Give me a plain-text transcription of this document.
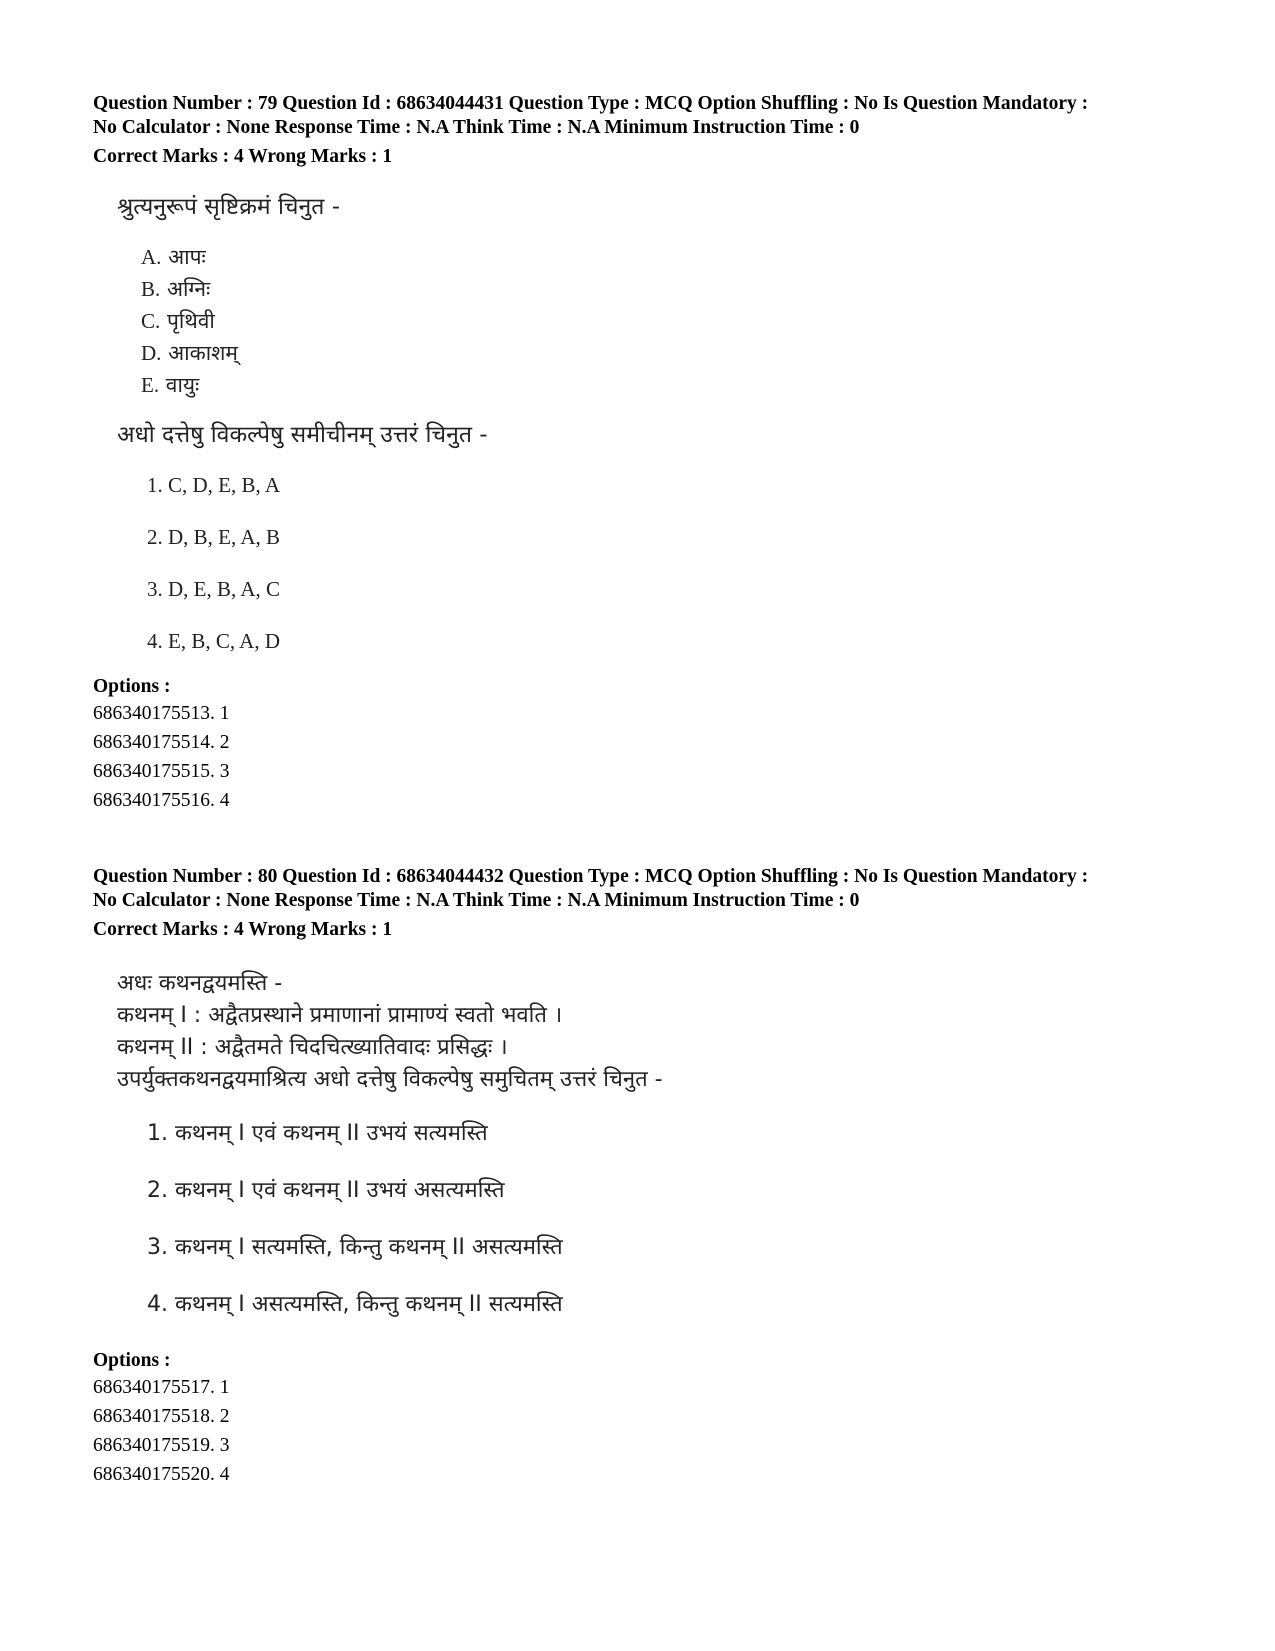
Question Number : 79 Question Id : 68634044431 Question Type : MCQ Option Shuffling : No Is Question Mandatory :
No Calculator : None Response Time : N.A Think Time : N.A Minimum Instruction Time : 0
Correct Marks : 4 Wrong Marks : 1
श्रुत्यनुरूपं सृष्टिक्रमं चिनुत -
A. आपः
B. अग्निः
C. पृथिवी
D. आकाशम्
E. वायुः
अधो दत्तेषु विकल्पेषु समीचीनम् उत्तरं चिनुत -
1. C, D, E, B, A
2. D, B, E, A, B
3. D, E, B, A, C
4. E, B, C, A, D
Options :
686340175513. 1
686340175514. 2
686340175515. 3
686340175516. 4
Question Number : 80 Question Id : 68634044432 Question Type : MCQ Option Shuffling : No Is Question Mandatory :
No Calculator : None Response Time : N.A Think Time : N.A Minimum Instruction Time : 0
Correct Marks : 4 Wrong Marks : 1
अधः कथनद्वयमस्ति -
कथनम् I : अद्वैतप्रस्थाने प्रमाणानां प्रामाण्यं स्वतो भवति ।
कथनम् II : अद्वैतमते चिदचित्ख्यातिवादः प्रसिद्धः ।
उपर्युक्तकथनद्वयमाश्रित्य अधो दत्तेषु विकल्पेषु समुचितम् उत्तरं चिनुत -
1. कथनम् I एवं कथनम् II उभयं सत्यमस्ति
2. कथनम् I एवं कथनम् II उभयं असत्यमस्ति
3. कथनम् I सत्यमस्ति, किन्तु कथनम् II असत्यमस्ति
4. कथनम् I असत्यमस्ति, किन्तु कथनम् II सत्यमस्ति
Options :
686340175517. 1
686340175518. 2
686340175519. 3
686340175520. 4
